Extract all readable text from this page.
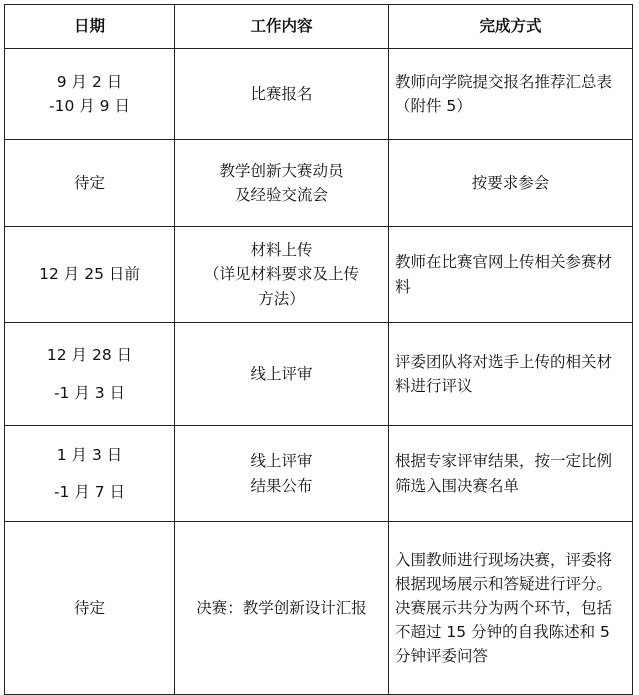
日期	工作内容	完成方式

9 月 2 日
-10 月 9 日	比赛报名	教师向学院提交报名推荐汇总表（附件 5）

待定	教学创新大赛动员
及经验交流会	按要求参会

12 月 25 日前	材料上传
（详见材料要求及上传
方法）	教师在比赛官网上传相关参赛材料

12 月 28 日
-1 月 3 日	线上评审	评委团队将对选手上传的相关材料进行评议

1 月 3 日
-1 月 7 日	线上评审
结果公布	根据专家评审结果，按一定比例筛选入围决赛名单

待定	决赛：教学创新设计汇报	入围教师进行现场决赛，评委将根据现场展示和答疑进行评分。决赛展示共分为两个环节，包括不超过 15 分钟的自我陈述和 5 分钟评委问答
